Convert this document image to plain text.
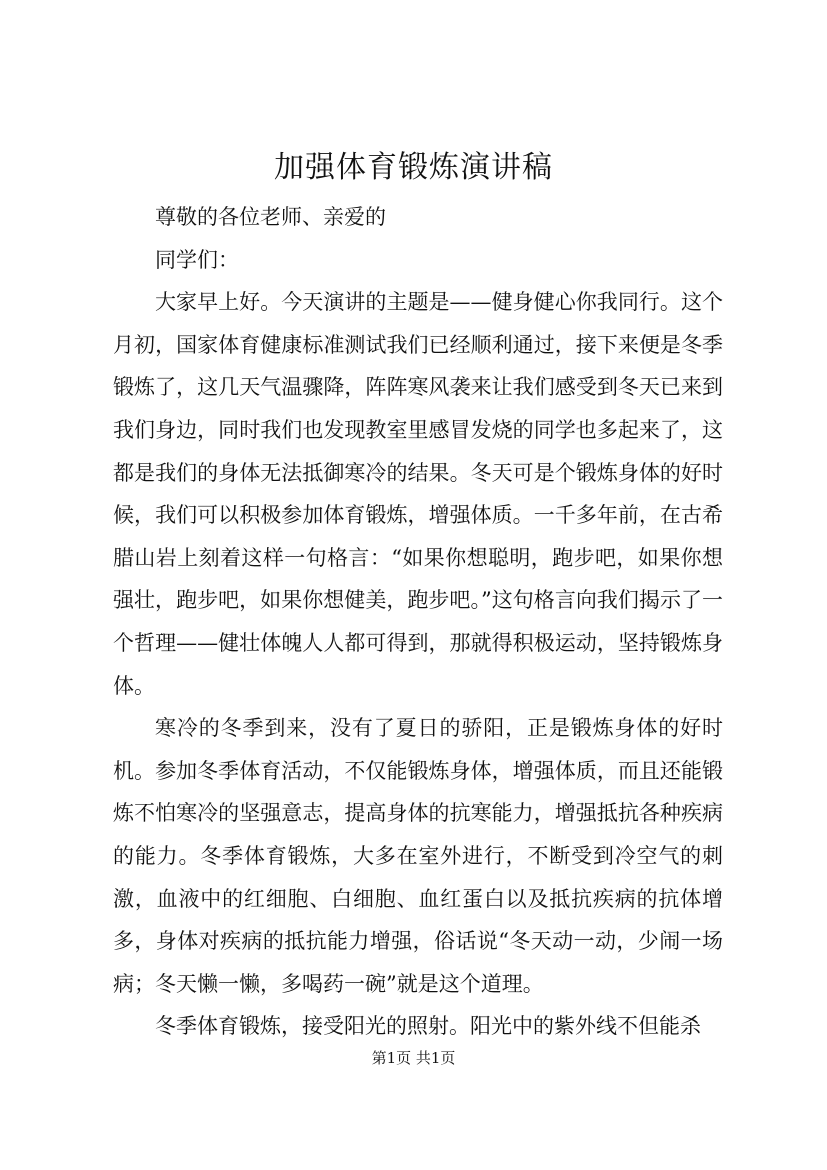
加强体育锻炼演讲稿

尊敬的各位老师、亲爱的

同学们：

大家早上好。今天演讲的主题是——健身健心你我同行。这个月初，国家体育健康标准测试我们已经顺利通过，接下来便是冬季锻炼了，这几天气温骤降，阵阵寒风袭来让我们感受到冬天已来到我们身边，同时我们也发现教室里感冒发烧的同学也多起来了，这都是我们的身体无法抵御寒冷的结果。冬天可是个锻炼身体的好时候，我们可以积极参加体育锻炼，增强体质。一千多年前，在古希腊山岩上刻着这样一句格言：“如果你想聪明，跑步吧，如果你想强壮，跑步吧，如果你想健美，跑步吧。”这句格言向我们揭示了一个哲理——健壮体魄人人都可得到，那就得积极运动，坚持锻炼身体。

寒冷的冬季到来，没有了夏日的骄阳，正是锻炼身体的好时机。参加冬季体育活动，不仅能锻炼身体，增强体质，而且还能锻炼不怕寒冷的坚强意志，提高身体的抗寒能力，增强抵抗各种疾病的能力。冬季体育锻炼，大多在室外进行，不断受到冷空气的刺激，血液中的红细胞、白细胞、血红蛋白以及抵抗疾病的抗体增多，身体对疾病的抵抗能力增强，俗话说“冬天动一动，少闹一场病；冬天懒一懒，多喝药一碗”就是这个道理。

冬季体育锻炼，接受阳光的照射。阳光中的紫外线不但能杀

第1页 共1页
